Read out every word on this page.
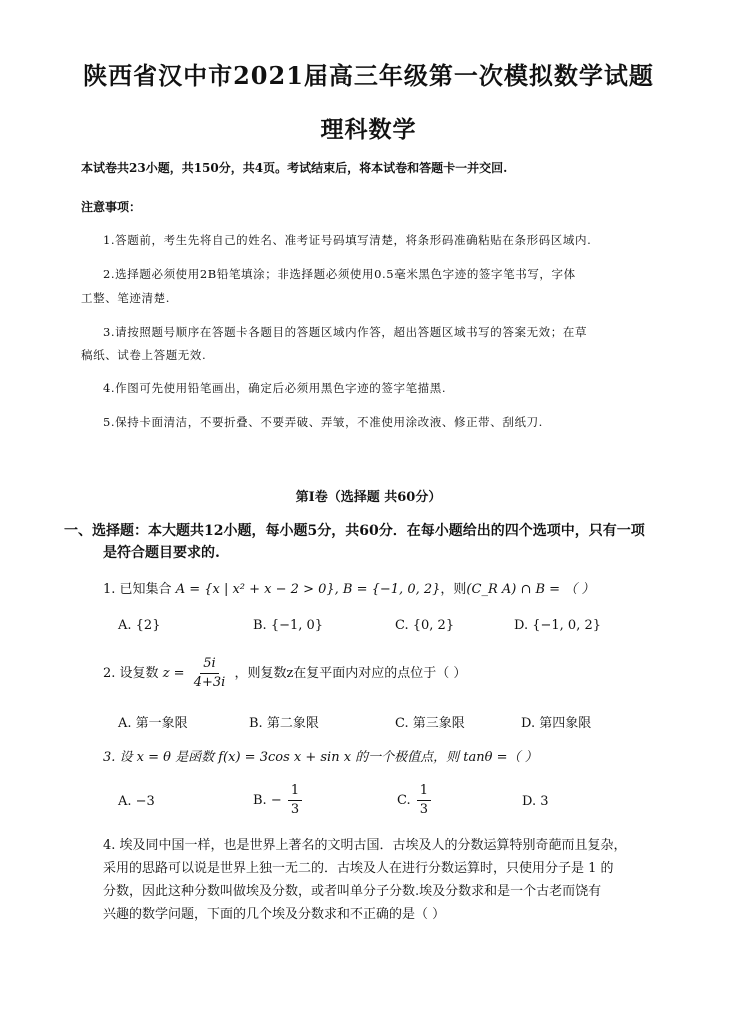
陕西省汉中市2021届高三年级第一次模拟数学试题
理科数学
本试卷共23小题，共150分，共4页。考试结束后，将本试卷和答题卡一并交回.
注意事项：
1.答题前，考生先将自己的姓名、准考证号码填写清楚，将条形码准确粘贴在条形码区域内.
2.选择题必须使用2B铅笔填涂；非选择题必须使用0.5毫米黑色字迹的签字笔书写，字体
工整、笔迹清楚.
3.请按照题号顺序在答题卡各题目的答题区域内作答，超出答题区域书写的答案无效；在草
稿纸、试卷上答题无效.
4.作图可先使用铅笔画出，确定后必须用黑色字迹的签字笔描黑.
5.保持卡面清洁，不要折叠、不要弄破、弄皱，不准使用涂改液、修正带、刮纸刀.
第Ⅰ卷（选择题 共60分）
一、选择题：本大题共12小题，每小题5分，共60分．在每小题给出的四个选项中，只有一项
是符合题目要求的.
1. 已知集合 A = {x | x² + x − 2 > 0}, B = {−1, 0, 2}，则(C_R A) ∩ B = （ ）
A. {2}	B. {−1, 0}	C. {0, 2}	D. {−1, 0, 2}
2. 设复数 $z = \frac{5i}{4+3i}$ ，则复数z在复平面内对应的点位于（ ）
A. 第一象限	B. 第二象限	C. 第三象限	D. 第四象限
3. 设 x = θ 是函数 f(x) = 3cos x + sin x 的一个极值点，则 tanθ =（ ）
A. −3	B. − $\frac{1}{3}$	C. $\frac{1}{3}$	D. 3
4. 埃及同中国一样，也是世界上著名的文明古国．古埃及人的分数运算特别奇葩而且复杂，
采用的思路可以说是世界上独一无二的．古埃及人在进行分数运算时，只使用分子是 1 的
分数，因此这种分数叫做埃及分数，或者叫单分子分数.埃及分数求和是一个古老而饶有
兴趣的数学问题，下面的几个埃及分数求和不正确的是（ ）
